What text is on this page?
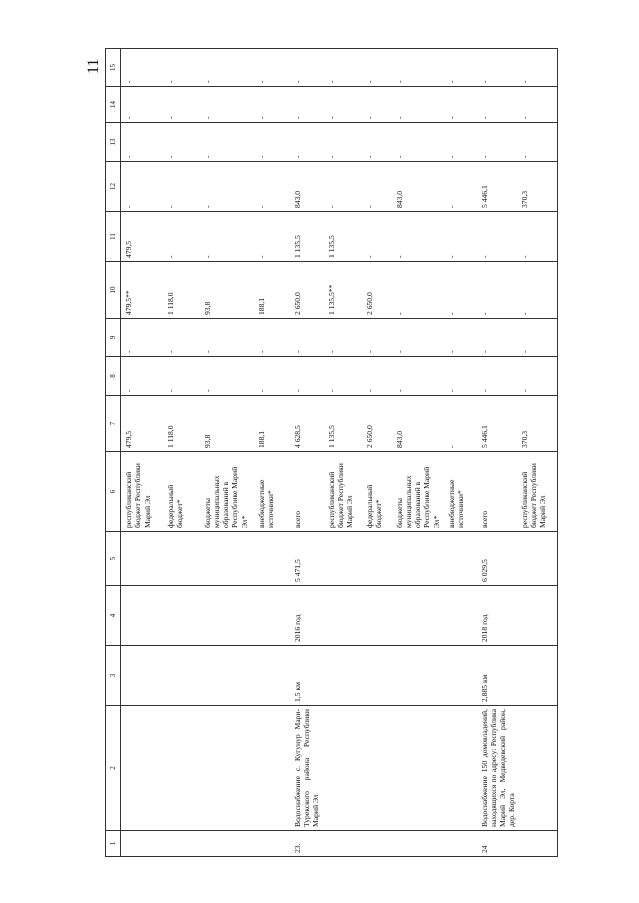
11
1	2	3	4	5	6	7	8	9	10	11	12	13	14	15
					республиканский бюджет Республики Марий Эл	479,5	-	-	479,5**	479,5	-	-	-	-
					федеральный бюджет*	1 118,0	-	-	1 118,0	-	-	-	-	-
					бюджеты муниципальных образований в Республике Марий Эл*	93,8	-	-	93,8	-	-	-	-	-
					внебюджетные источники*	188,1	-	-	188,1	-	-	-	-	-
23.	Водоснабжение с. Кугунур Мари-Турекского района Республики Марий Эл	1,5 км	2016 год	5 471,5	всего	4 628,5	-	-	2 650,0	1 135,5	843,0	-	-	-
					республиканский бюджет Республики Марий Эл	1 135,5	-	-	1 135,5**	1 135,5	-	-	-	-
					федеральный бюджет*	2 650,0	-	-	2 650,0	-	-	-	-	-
					бюджеты муниципальных образований в Республике Марий Эл*	843,0	-	-	-	-	843,0	-	-	-
					внебюджетные источники*	-	-	-	-	-	-	-	-	-
24	Водоснабжение 150 домовладений, находящихся по адресу: Республика Марий Эл, Медведевский район, дер. Корта	2,885 км	2018 год	6 029,5	всего	5 446,1	-	-	-	-	5 446,1	-	-	-
					республиканский бюджет Республики Марий Эл	370,3	-	-	-	-	370,3	-	-	-
